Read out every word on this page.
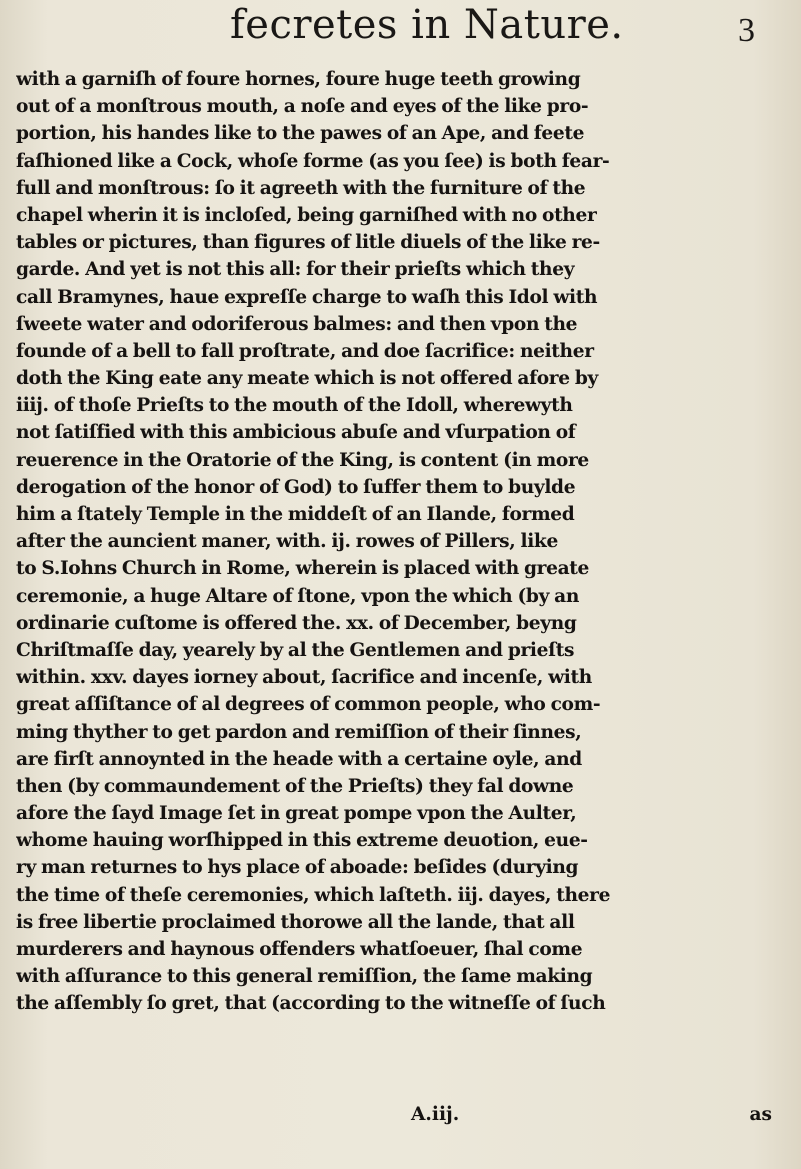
fecretes in Nature.	3
with a garniſh of foure hornes, foure huge teeth growing
out of a monſtrous mouth, a noſe and eyes of the like pro-
portion, his handes like to the pawes of an Ape, and feete
faſhioned like a Cock, whoſe forme (as you ſee) is both fear-
full and monſtrous: ſo it agreeth with the furniture of the
chapel wherin it is incloſed, being garniſhed with no other
tables or pictures, than figures of litle diuels of the like re-
garde. And yet is not this all: for their prieſts which they
call Bramynes, haue expreſſe charge to waſh this Idol with
ſweete water and odoriferous balmes: and then vpon the
founde of a bell to fall proſtrate, and doe ſacrifice: neither
doth the King eate any meate which is not offered afore by
iiij. of thoſe Prieſts to the mouth of the Idoll, wherewyth
not ſatiſfied with this ambicious abuſe and vſurpation of
reuerence in the Oratorie of the King, is content (in more
derogation of the honor of God) to ſuffer them to buylde
him a ſtately Temple in the middeſt of an Ilande, formed
after the auncient maner, with. ij. rowes of Pillers, like
to S.Iohns Church in Rome, wherein is placed with greate
ceremonie, a huge Altare of ſtone, vpon the which (by an
ordinarie cuſtome is offered the. xx. of December, beyng
Chriſtmaſſe day, yearely by al the Gentlemen and prieſts
within. xxv. dayes iorney about, ſacrifice and incenſe, with
great aſſiſtance of al degrees of common people, who com-
ming thyther to get pardon and remiſſion of their ſinnes,
are firſt annoynted in the heade with a certaine oyle, and
then (by commaundement of the Prieſts) they fal downe
afore the ſayd Image ſet in great pompe vpon the Aulter,
whome hauing worſhipped in this extreme deuotion, eue-
ry man returnes to hys place of aboade: beſides (durying
the time of theſe ceremonies, which laſteth. iij. dayes, there
is free libertie proclaimed thorowe all the lande, that all
murderers and haynous offenders whatſoeuer, ſhal come
with aſſurance to this general remiſſion, the ſame making
the aſſembly ſo gret, that (according to the witneſſe of ſuch
A.iij.	as
